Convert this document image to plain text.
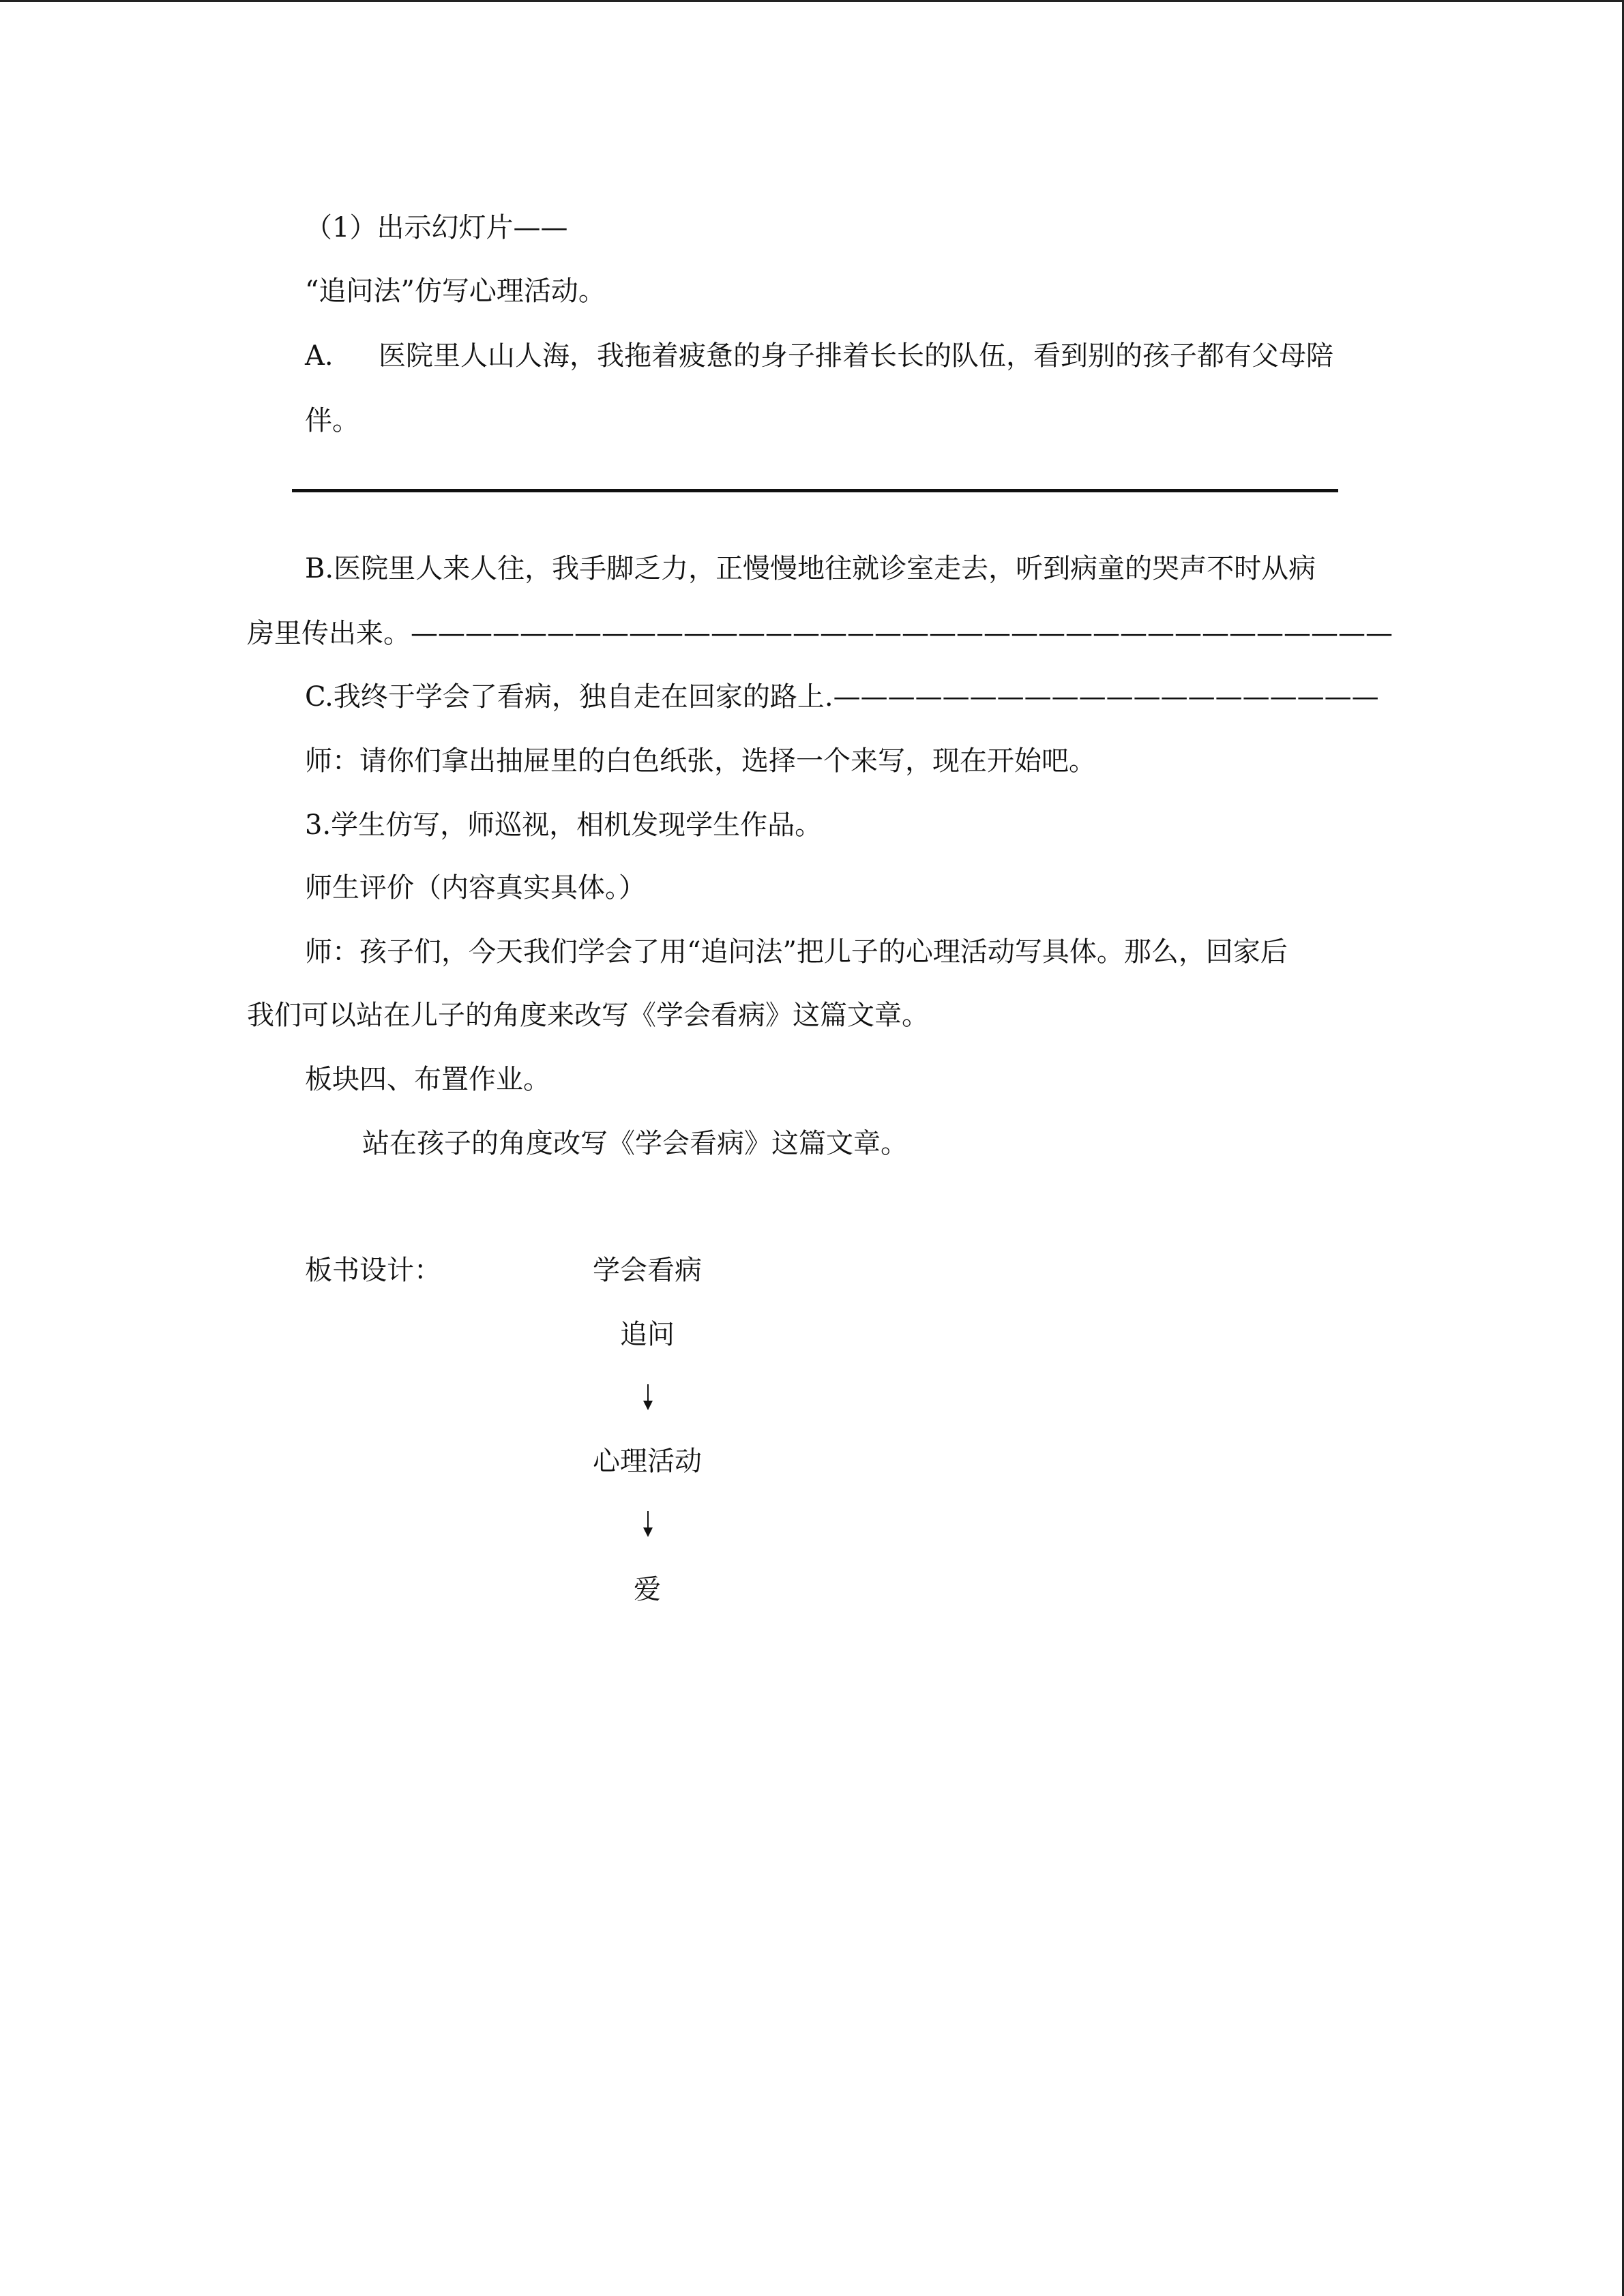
（1）出示幻灯片——
“追问法”仿写心理活动。
A. 医院里人山人海，我拖着疲惫的身子排着长长的队伍，看到别的孩子都有父母陪
伴。
B.医院里人来人往，我手脚乏力，正慢慢地往就诊室走去，听到病童的哭声不时从病
房里传出来。————————————————————————————————————
C.我终于学会了看病，独自走在回家的路上.————————————————————
师：请你们拿出抽屉里的白色纸张，选择一个来写，现在开始吧。
3.学生仿写，师巡视，相机发现学生作品。
师生评价（内容真实具体。）
师：孩子们，今天我们学会了用“追问法”把儿子的心理活动写具体。那么，回家后
我们可以站在儿子的角度来改写《学会看病》这篇文章。
板块四、布置作业。
站在孩子的角度改写《学会看病》这篇文章。
板书设计：	学会看病
追问
心理活动
爱
